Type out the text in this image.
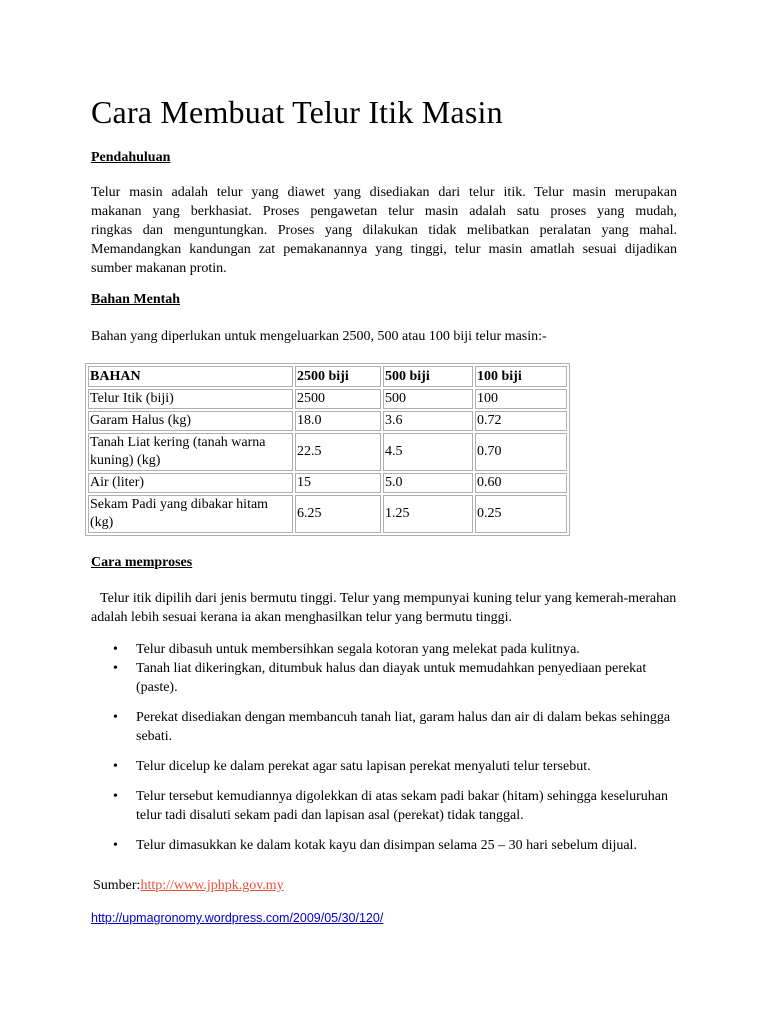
Cara Membuat Telur Itik Masin

Pendahuluan

Telur masin adalah telur yang diawet yang disediakan dari telur itik. Telur masin merupakan
makanan yang berkhasiat. Proses pengawetan telur masin adalah satu proses yang mudah,
ringkas dan menguntungkan. Proses yang dilakukan tidak melibatkan peralatan yang mahal.
Memandangkan kandungan zat pemakanannya yang tinggi, telur masin amatlah sesuai dijadikan
sumber makanan protin.

Bahan Mentah

Bahan yang diperlukan untuk mengeluarkan 2500, 500 atau 100 biji telur masin:-

BAHAN	2500 biji	500 biji	100 biji
Telur Itik (biji)	2500	500	100
Garam Halus (kg)	18.0	3.6	0.72
Tanah Liat kering (tanah warna kuning) (kg)	22.5	4.5	0.70
Air (liter)	15	5.0	0.60
Sekam Padi yang dibakar hitam (kg)	6.25	1.25	0.25

Cara memproses

Telur itik dipilih dari jenis bermutu tinggi. Telur yang mempunyai kuning telur yang kemerah-merahan adalah lebih sesuai kerana ia akan menghasilkan telur yang bermutu tinggi.

• Telur dibasuh untuk membersihkan segala kotoran yang melekat pada kulitnya.
• Tanah liat dikeringkan, ditumbuk halus dan diayak untuk memudahkan penyediaan perekat (paste).
• Perekat disediakan dengan membancuh tanah liat, garam halus dan air di dalam bekas sehingga sebati.
• Telur dicelup ke dalam perekat agar satu lapisan perekat menyaluti telur tersebut.
• Telur tersebut kemudiannya digolekkan di atas sekam padi bakar (hitam) sehingga keseluruhan telur tadi disaluti sekam padi dan lapisan asal (perekat) tidak tanggal.
• Telur dimasukkan ke dalam kotak kayu dan disimpan selama 25 – 30 hari sebelum dijual.
Sumber:http://www.jphpk.gov.my
http://upmagronomy.wordpress.com/2009/05/30/120/
